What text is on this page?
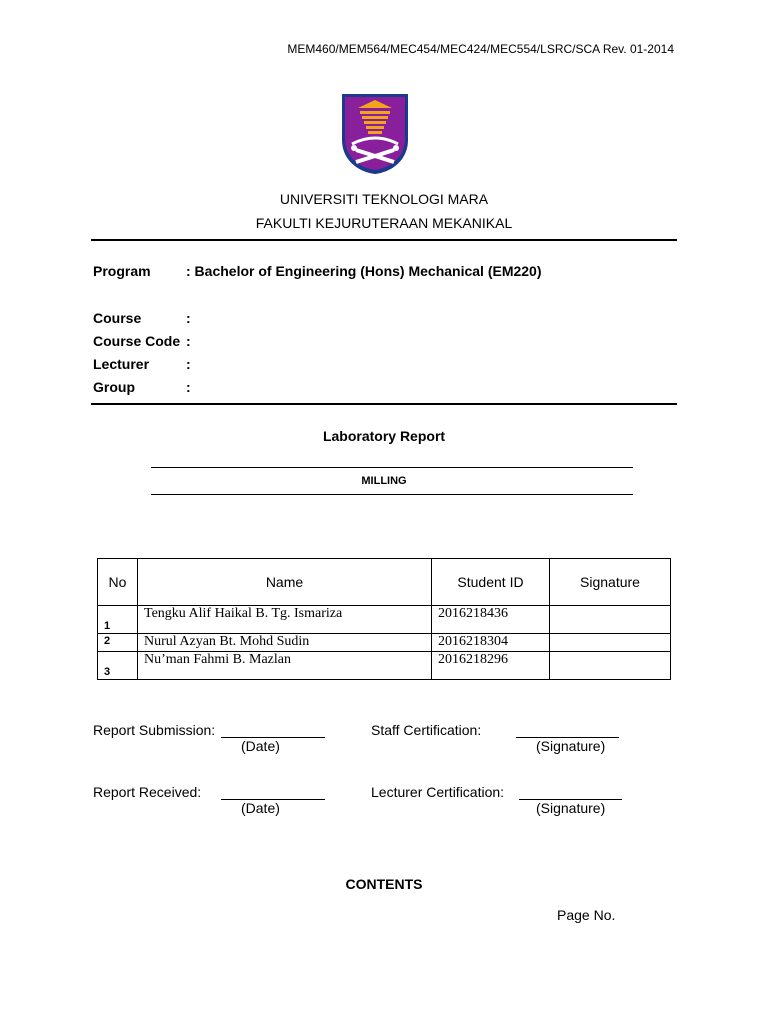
MEM460/MEM564/MEC454/MEC424/MEC554/LSRC/SCA Rev. 01-2014
UNIVERSITI TEKNOLOGI MARA
FAKULTI KEJURUTERAAN MEKANIKAL
Program	: Bachelor of Engineering (Hons) Mechanical (EM220)
Course	:
Course Code :
Lecturer	:
Group	:
Laboratory Report
MILLING
No	Name	Student ID	Signature
1	Tengku Alif Haikal B. Tg. Ismariza	2016218436	
2	Nurul Azyan Bt. Mohd Sudin	2016218304	
3	Nu’man Fahmi B. Mazlan	2016218296	
Report Submission:
(Date)
Staff Certification:
(Signature)
Report Received:
(Date)
Lecturer Certification:
(Signature)
CONTENTS
Page No.
